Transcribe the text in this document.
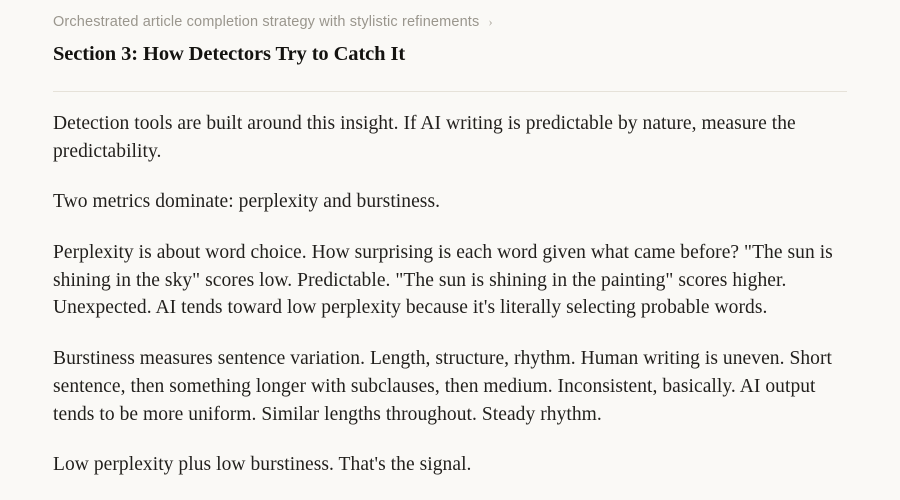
Orchestrated article completion strategy with stylistic refinements ›
Section 3: How Detectors Try to Catch It

Detection tools are built around this insight. If AI writing is predictable by nature, measure the predictability.

Two metrics dominate: perplexity and burstiness.

Perplexity is about word choice. How surprising is each word given what came before? "The sun is shining in the sky" scores low. Predictable. "The sun is shining in the painting" scores higher. Unexpected. AI tends toward low perplexity because it's literally selecting probable words.

Burstiness measures sentence variation. Length, structure, rhythm. Human writing is uneven. Short sentence, then something longer with subclauses, then medium. Inconsistent, basically. AI output tends to be more uniform. Similar lengths throughout. Steady rhythm.

Low perplexity plus low burstiness. That's the signal.
